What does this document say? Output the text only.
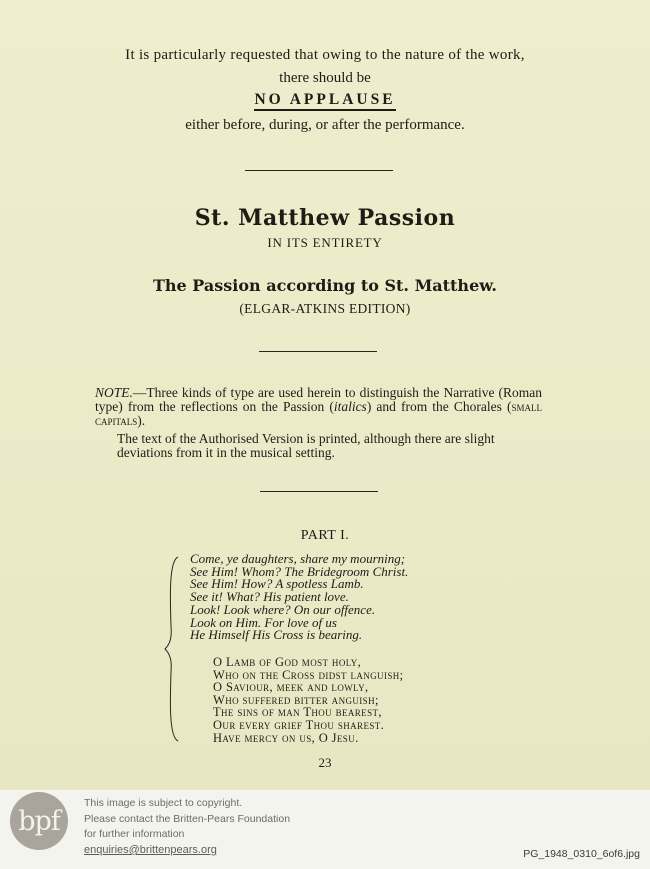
It is particularly requested that owing to the nature of the work,
there should be
NO APPLAUSE
either before, during, or after the performance.
St. Matthew Passion
IN ITS ENTIRETY
The Passion according to St. Matthew.
(ELGAR-ATKINS EDITION)
NOTE.—Three kinds of type are used herein to distinguish the Narrative (Roman type) from the reflections on the Passion (italics) and from the Chorales (small capitals).
The text of the Authorised Version is printed, although there are slight deviations from it in the musical setting.
PART I.
Come, ye daughters, share my mourning;
See Him! Whom? The Bridegroom Christ.
See Him! How? A spotless Lamb.
See it! What? His patient love.
Look! Look where? On our offence.
Look on Him. For love of us
He Himself His Cross is bearing.
O Lamb of God most holy,
Who on the Cross didst languish;
O Saviour, meek and lowly,
Who suffered bitter anguish;
The sins of man Thou bearest,
Our every grief Thou sharest.
Have mercy on us, O Jesu.
23
bpf
This image is subject to copyright.
Please contact the Britten-Pears Foundation
for further information
enquiries@brittenpears.org	PG_1948_0310_6of6.jpg
